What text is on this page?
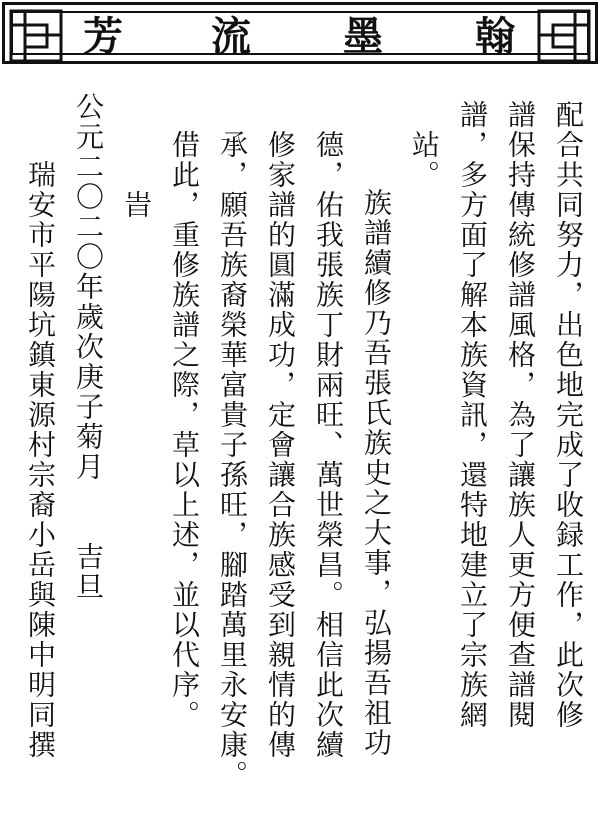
芳 流 墨 翰
配合共同努力，出色地完成了收録工作，此次修
譜保持傳統修譜風格，為了讓族人更方便查譜閱
譜，多方面了解本族資訊，還特地建立了宗族網
站。
族譜續修乃吾張氏族史之大事，弘揚吾祖功
德，佑我張族丁財兩旺、萬世榮昌。相信此次續
修家譜的圓滿成功，定會讓合族感受到親情的傳
承，願吾族裔榮華富貴子孫旺，腳踏萬里永安康。
借此，重修族譜之際，草以上述，並以代序。
旹
公元二〇二〇年歲次庚子菊月　　吉旦
瑞安市平陽坑鎮東源村宗裔小岳與陳中明同撰
